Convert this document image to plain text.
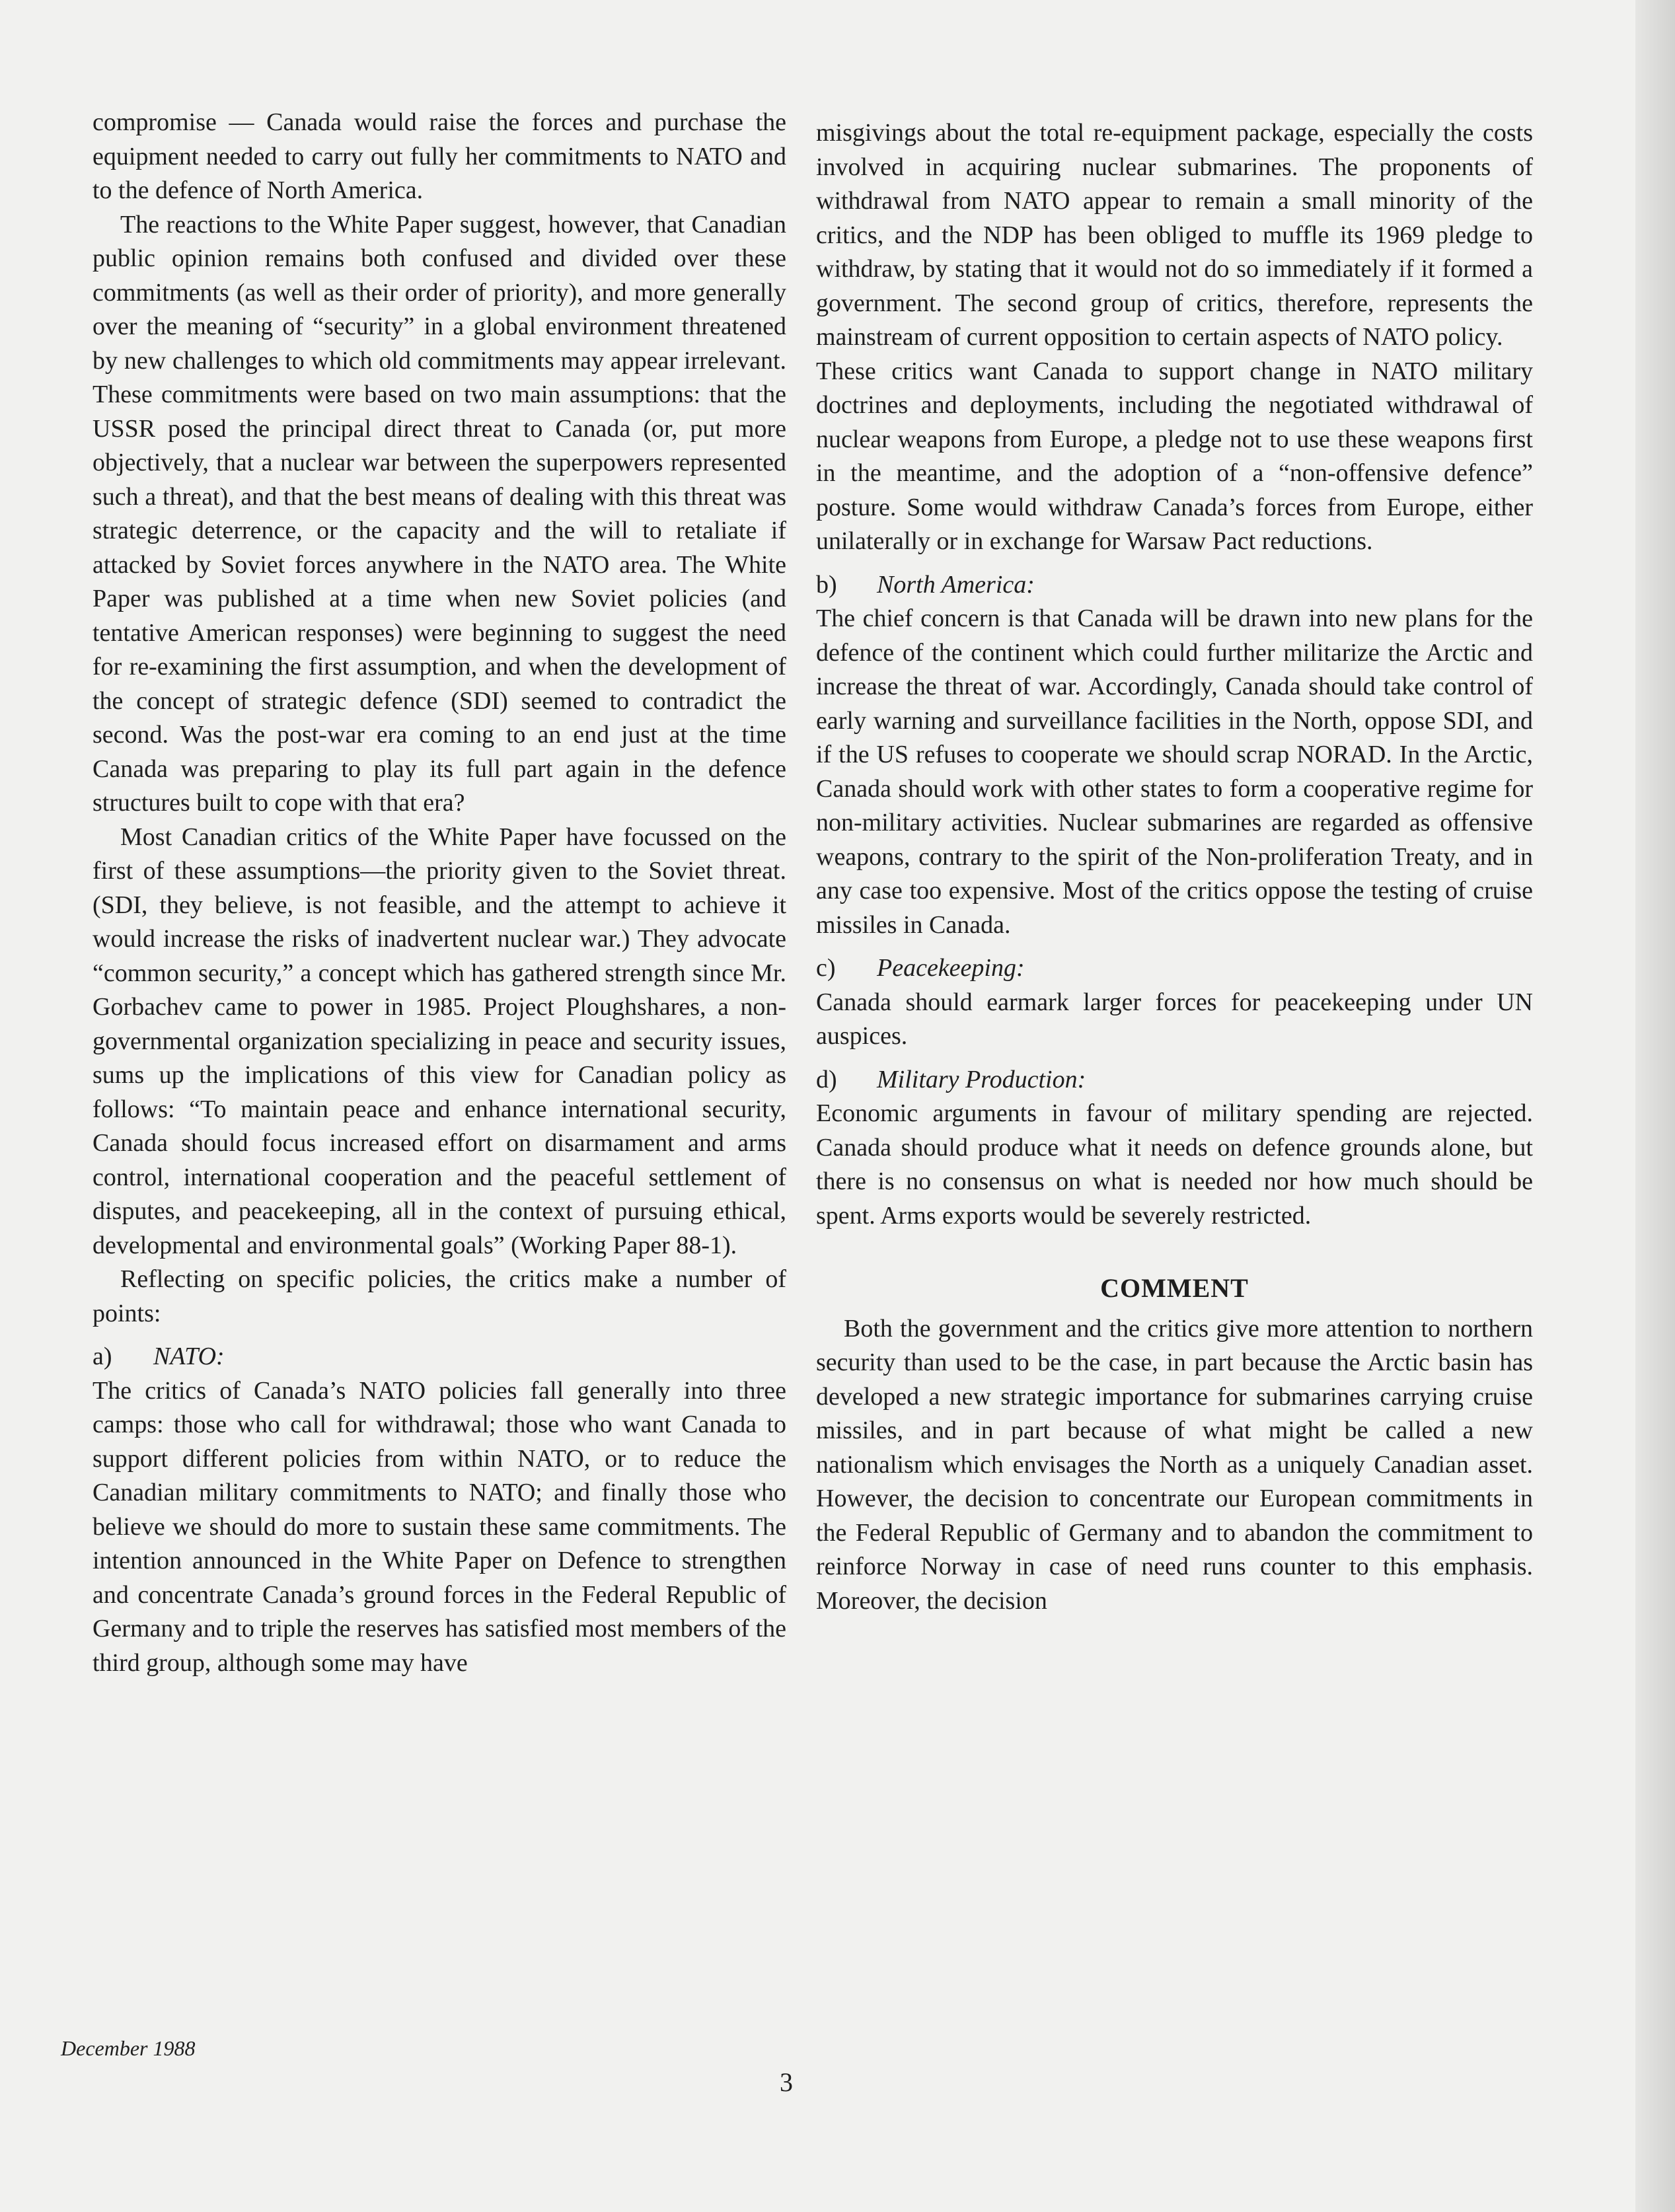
compromise — Canada would raise the forces and purchase the equipment needed to carry out fully her commitments to NATO and to the defence of North America.

The reactions to the White Paper suggest, however, that Canadian public opinion remains both confused and divided over these commitments (as well as their order of priority), and more generally over the meaning of “security” in a global environment threatened by new challenges to which old commitments may appear irrelevant. These commitments were based on two main assumptions: that the USSR posed the principal direct threat to Canada (or, put more objectively, that a nuclear war between the superpowers represented such a threat), and that the best means of dealing with this threat was strategic deterrence, or the capacity and the will to retaliate if attacked by Soviet forces anywhere in the NATO area. The White Paper was published at a time when new Soviet policies (and tentative American responses) were beginning to suggest the need for re-examining the first assumption, and when the development of the concept of strategic defence (SDI) seemed to contradict the second. Was the post-war era coming to an end just at the time Canada was preparing to play its full part again in the defence structures built to cope with that era?

Most Canadian critics of the White Paper have focussed on the first of these assumptions—the priority given to the Soviet threat. (SDI, they believe, is not feasible, and the attempt to achieve it would increase the risks of inadvertent nuclear war.) They advocate “common security,” a concept which has gathered strength since Mr. Gorbachev came to power in 1985. Project Ploughshares, a non-governmental organization specializing in peace and security issues, sums up the implications of this view for Canadian policy as follows: “To maintain peace and enhance international security, Canada should focus increased effort on disarmament and arms control, international cooperation and the peaceful settlement of disputes, and peacekeeping, all in the context of pursuing ethical, developmental and environmental goals” (Working Paper 88-1).

Reflecting on specific policies, the critics make a number of points:

a)	NATO:

The critics of Canada’s NATO policies fall generally into three camps: those who call for withdrawal; those who want Canada to support different policies from within NATO, or to reduce the Canadian military commitments to NATO; and finally those who believe we should do more to sustain these same commitments. The intention announced in the White Paper on Defence to strengthen and concentrate Canada’s ground forces in the Federal Republic of Germany and to triple the reserves has satisfied most members of the third group, although some may have

misgivings about the total re-equipment package, especially the costs involved in acquiring nuclear submarines. The proponents of withdrawal from NATO appear to remain a small minority of the critics, and the NDP has been obliged to muffle its 1969 pledge to withdraw, by stating that it would not do so immediately if it formed a government. The second group of critics, therefore, represents the mainstream of current opposition to certain aspects of NATO policy.

These critics want Canada to support change in NATO military doctrines and deployments, including the negotiated withdrawal of nuclear weapons from Europe, a pledge not to use these weapons first in the meantime, and the adoption of a “non-offensive defence” posture. Some would withdraw Canada’s forces from Europe, either unilaterally or in exchange for Warsaw Pact reductions.

b)	North America:

The chief concern is that Canada will be drawn into new plans for the defence of the continent which could further militarize the Arctic and increase the threat of war. Accordingly, Canada should take control of early warning and surveillance facilities in the North, oppose SDI, and if the US refuses to cooperate we should scrap NORAD. In the Arctic, Canada should work with other states to form a cooperative regime for non-military activities. Nuclear submarines are regarded as offensive weapons, contrary to the spirit of the Non-proliferation Treaty, and in any case too expensive. Most of the critics oppose the testing of cruise missiles in Canada.

c)	Peacekeeping:

Canada should earmark larger forces for peacekeeping under UN auspices.

d)	Military Production:

Economic arguments in favour of military spending are rejected. Canada should produce what it needs on defence grounds alone, but there is no consensus on what is needed nor how much should be spent. Arms exports would be severely restricted.

COMMENT

Both the government and the critics give more attention to northern security than used to be the case, in part because the Arctic basin has developed a new strategic importance for submarines carrying cruise missiles, and in part because of what might be called a new nationalism which envisages the North as a uniquely Canadian asset. However, the decision to concentrate our European commitments in the Federal Republic of Germany and to abandon the commitment to reinforce Norway in case of need runs counter to this emphasis. Moreover, the decision

December 1988
3
